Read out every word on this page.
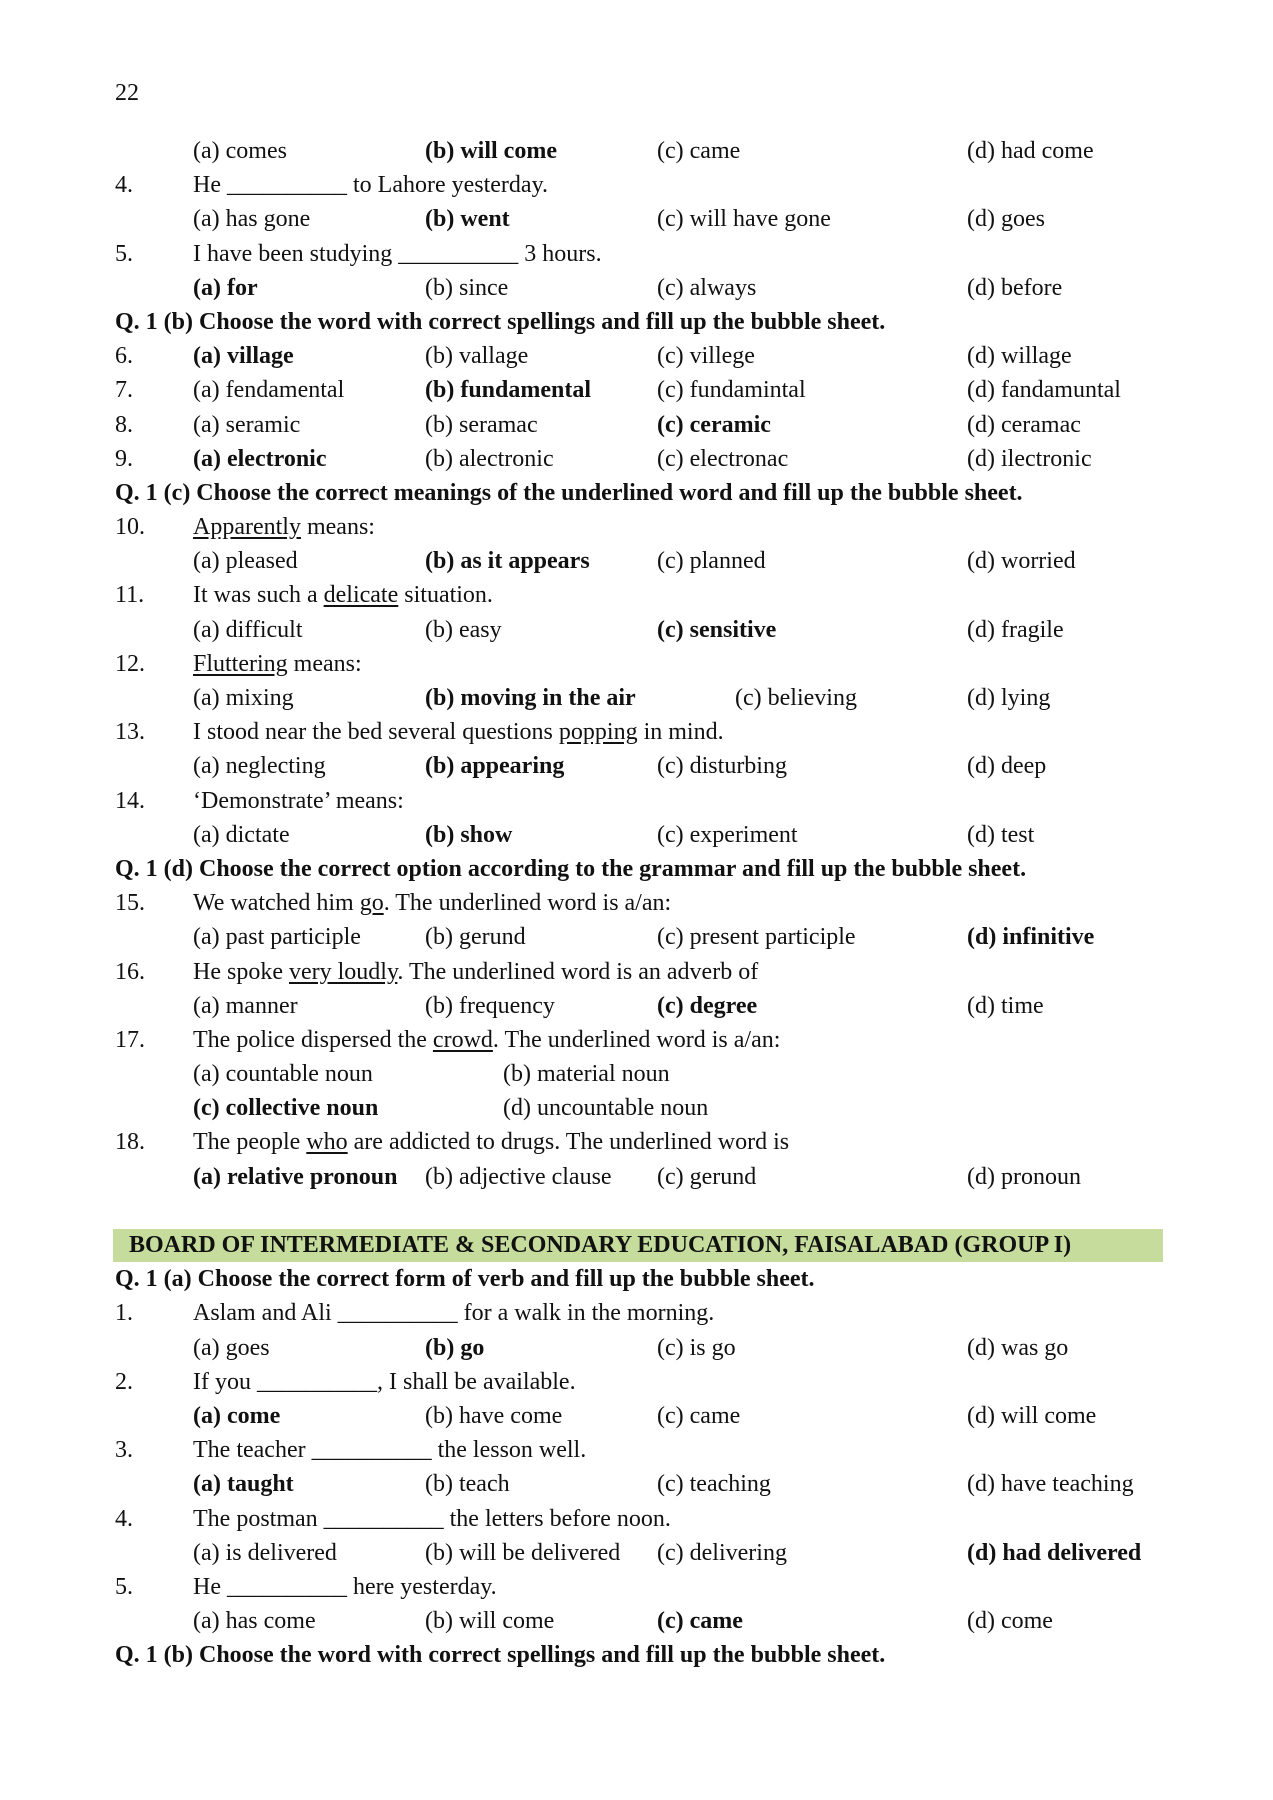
22
(a) comes	(b) will come	(c) came	(d) had come
4.	He __________ to Lahore yesterday.
(a) has gone	(b) went	(c) will have gone	(d) goes
5.	I have been studying __________ 3 hours.
(a) for	(b) since	(c) always	(d) before
Q. 1 (b) Choose the word with correct spellings and fill up the bubble sheet.
6.	(a) village	(b) vallage	(c) villege	(d) willage
7.	(a) fendamental	(b) fundamental	(c) fundamintal	(d) fandamuntal
8.	(a) seramic	(b) seramac	(c) ceramic	(d) ceramac
9.	(a) electronic	(b) alectronic	(c) electronac	(d) ilectronic
Q. 1 (c) Choose the correct meanings of the underlined word and fill up the bubble sheet.
10. Apparently means:
(a) pleased	(b) as it appears	(c) planned	(d) worried
11. It was such a delicate situation.
(a) difficult	(b) easy	(c) sensitive	(d) fragile
12. Fluttering means:
(a) mixing	(b) moving in the air	(c) believing	(d) lying
13. I stood near the bed several questions popping in mind.
(a) neglecting	(b) appearing	(c) disturbing	(d) deep
14. ‘Demonstrate’ means:
(a) dictate	(b) show	(c) experiment	(d) test
Q. 1 (d) Choose the correct option according to the grammar and fill up the bubble sheet.
15. We watched him go. The underlined word is a/an:
(a) past participle	(b) gerund	(c) present participle	(d) infinitive
16. He spoke very loudly. The underlined word is an adverb of
(a) manner	(b) frequency	(c) degree	(d) time
17. The police dispersed the crowd. The underlined word is a/an:
(a) countable noun	(b) material noun
(c) collective noun	(d) uncountable noun
18. The people who are addicted to drugs. The underlined word is
(a) relative pronoun (b) adjective clause (c) gerund	(d) pronoun
BOARD OF INTERMEDIATE & SECONDARY EDUCATION, FAISALABAD (GROUP I)
Q. 1 (a) Choose the correct form of verb and fill up the bubble sheet.
1.	Aslam and Ali __________ for a walk in the morning.
(a) goes	(b) go	(c) is go	(d) was go
2.	If you __________, I shall be available.
(a) come	(b) have come	(c) came	(d) will come
3.	The teacher __________ the lesson well.
(a) taught	(b) teach	(c) teaching	(d) have teaching
4.	The postman __________ the letters before noon.
(a) is delivered	(b) will be delivered (c) delivering	(d) had delivered
5.	He __________ here yesterday.
(a) has come	(b) will come	(c) came	(d) come
Q. 1 (b) Choose the word with correct spellings and fill up the bubble sheet.
